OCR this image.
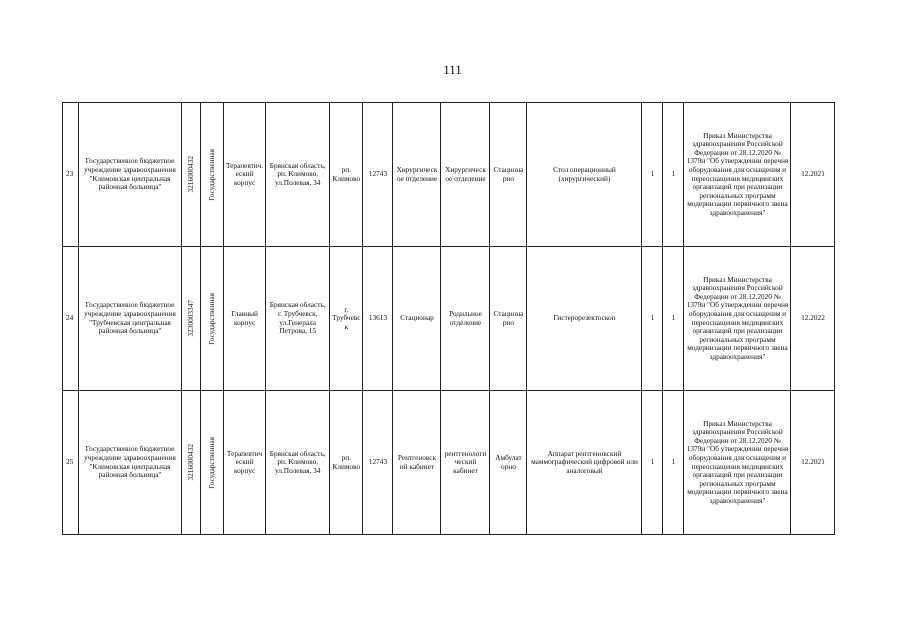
111
23	Государственное бюджетное учреждение здравоохранения "Климовская центральная районная больница"	3216000432	Государственная	Терапевтич. еский корпус	Брянская область, рп. Климово, ул.Полевая, 34	рп. Климово	12743	Хирургическ ое отделение	Хирургическ ое отделение	Стациона рно	Стол операционный (хирургический)	1	1	Приказ Министерства здравоохранения Российской Федерации от 28.12.2020 № 1379н "Об утверждении перечня оборудования для оснащения и переоснащения медицинских организаций при реализации региональных программ модернизации первичного звена здравоохранения"	12.2021
24	Государственное бюджетное учреждение здравоохранения "Трубчевская центральная районная больница"	3230003347	Государственная	Главный корпус	Брянская область, г. Трубчевск, ул.Генерала Петрова, 15	г. Трубчевс к	13613	Стационар	Родильное отделение	Стациона рно	Гистерорезектоскоп	1	1	Приказ Министерства здравоохранения Российской Федерации от 28.12.2020 № 1379н "Об утверждении перечня оборудования для оснащения и переоснащения медицинских организаций при реализации региональных программ модернизации первичного звена здравоохранения"	12.2022
25	Государственное бюджетное учреждение здравоохранения "Климовская центральная районная больница"	3216000432	Государственная	Терапевтич еский корпус	Брянская область, рп. Климово, ул.Полевая, 34	рп. Климово	12743	Рентгеновск ий кабинет	рентгенологи ческий кабинет	Амбулат орно	Аппарат рентгеновский маммографический цифровой или аналоговый	1	1	Приказ Министерства здравоохранения Российской Федерации от 28.12.2020 № 1379н "Об утверждении перечня оборудования для оснащения и переоснащения медицинских организаций при реализации региональных программ модернизации первичного звена здравоохранения"	12.2021
